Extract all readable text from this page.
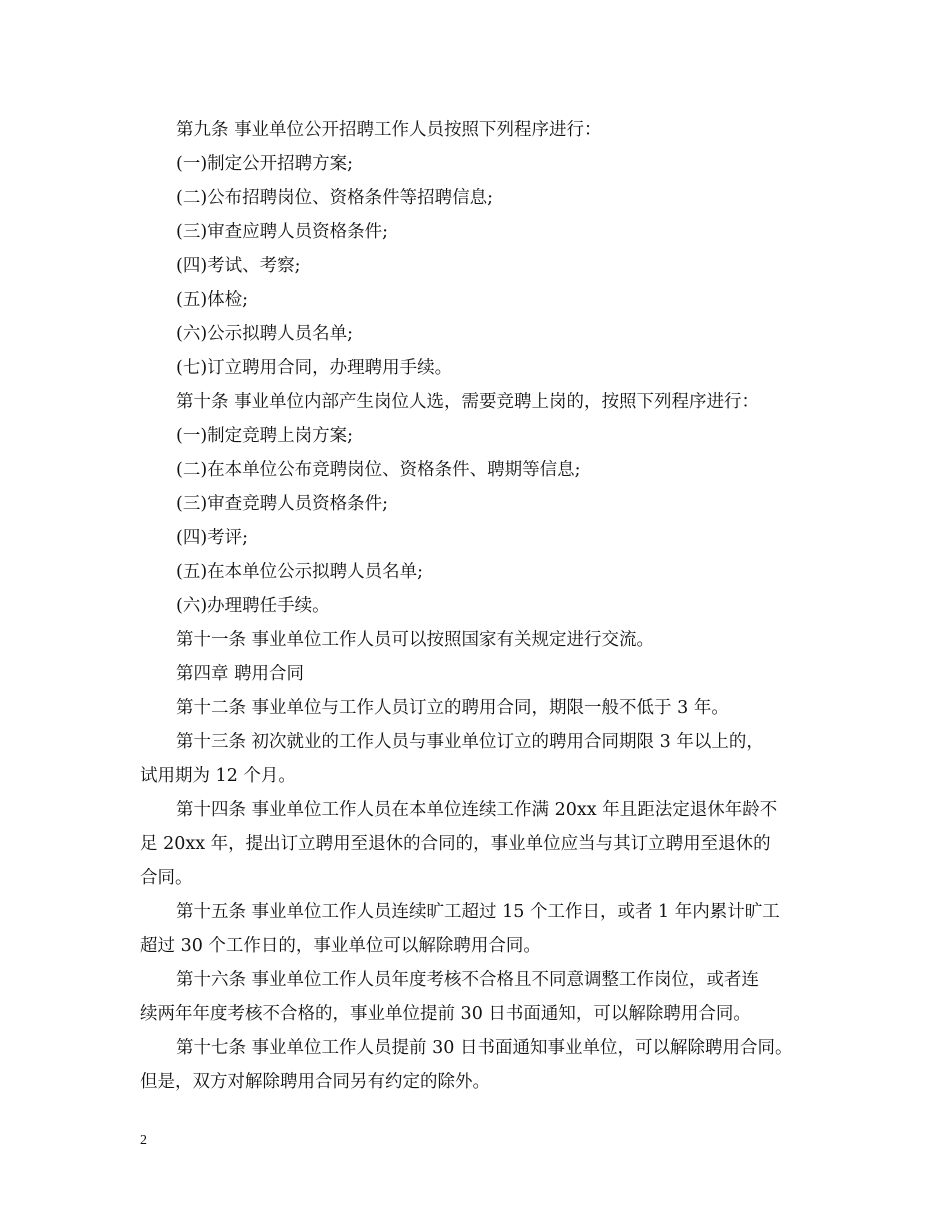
第九条 事业单位公开招聘工作人员按照下列程序进行：
(一)制定公开招聘方案;
(二)公布招聘岗位、资格条件等招聘信息;
(三)审查应聘人员资格条件;
(四)考试、考察;
(五)体检;
(六)公示拟聘人员名单;
(七)订立聘用合同，办理聘用手续。
第十条 事业单位内部产生岗位人选，需要竞聘上岗的，按照下列程序进行：
(一)制定竞聘上岗方案;
(二)在本单位公布竞聘岗位、资格条件、聘期等信息;
(三)审查竞聘人员资格条件;
(四)考评;
(五)在本单位公示拟聘人员名单;
(六)办理聘任手续。
第十一条 事业单位工作人员可以按照国家有关规定进行交流。
第四章 聘用合同
第十二条 事业单位与工作人员订立的聘用合同，期限一般不低于 3 年。
第十三条 初次就业的工作人员与事业单位订立的聘用合同期限 3 年以上的，
试用期为 12 个月。
第十四条 事业单位工作人员在本单位连续工作满 20xx 年且距法定退休年龄不
足 20xx 年，提出订立聘用至退休的合同的，事业单位应当与其订立聘用至退休的
合同。
第十五条 事业单位工作人员连续旷工超过 15 个工作日，或者 1 年内累计旷工
超过 30 个工作日的，事业单位可以解除聘用合同。
第十六条 事业单位工作人员年度考核不合格且不同意调整工作岗位，或者连
续两年年度考核不合格的，事业单位提前 30 日书面通知，可以解除聘用合同。
第十七条 事业单位工作人员提前 30 日书面通知事业单位，可以解除聘用合同。
但是，双方对解除聘用合同另有约定的除外。
2
